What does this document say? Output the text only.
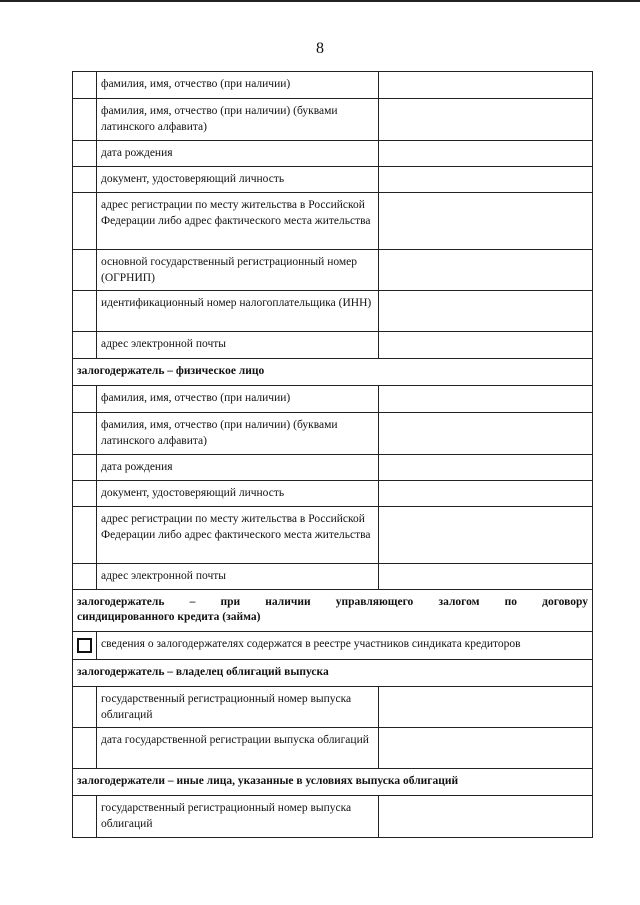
8
фамилия, имя, отчество (при наличии)
фамилия, имя, отчество (при наличии) (буквами латинского алфавита)
дата рождения
документ, удостоверяющий личность
адрес регистрации по месту жительства в Российской Федерации либо адрес фактического места жительства
основной государственный регистрационный номер (ОГРНИП)
идентификационный номер налогоплательщика (ИНН)
адрес электронной почты
залогодержатель – физическое лицо
фамилия, имя, отчество (при наличии)
фамилия, имя, отчество (при наличии) (буквами латинского алфавита)
дата рождения
документ, удостоверяющий личность
адрес регистрации по месту жительства в Российской Федерации либо адрес фактического места жительства
адрес электронной почты
залогодержатель – при наличии управляющего залогом по договору
синдицированного кредита (займа)
сведения о залогодержателях содержатся в реестре участников синдиката кредиторов
залогодержатель – владелец облигаций выпуска
государственный регистрационный номер выпуска облигаций
дата государственной регистрации выпуска облигаций
залогодержатели – иные лица, указанные в условиях выпуска облигаций
государственный регистрационный номер выпуска облигаций
